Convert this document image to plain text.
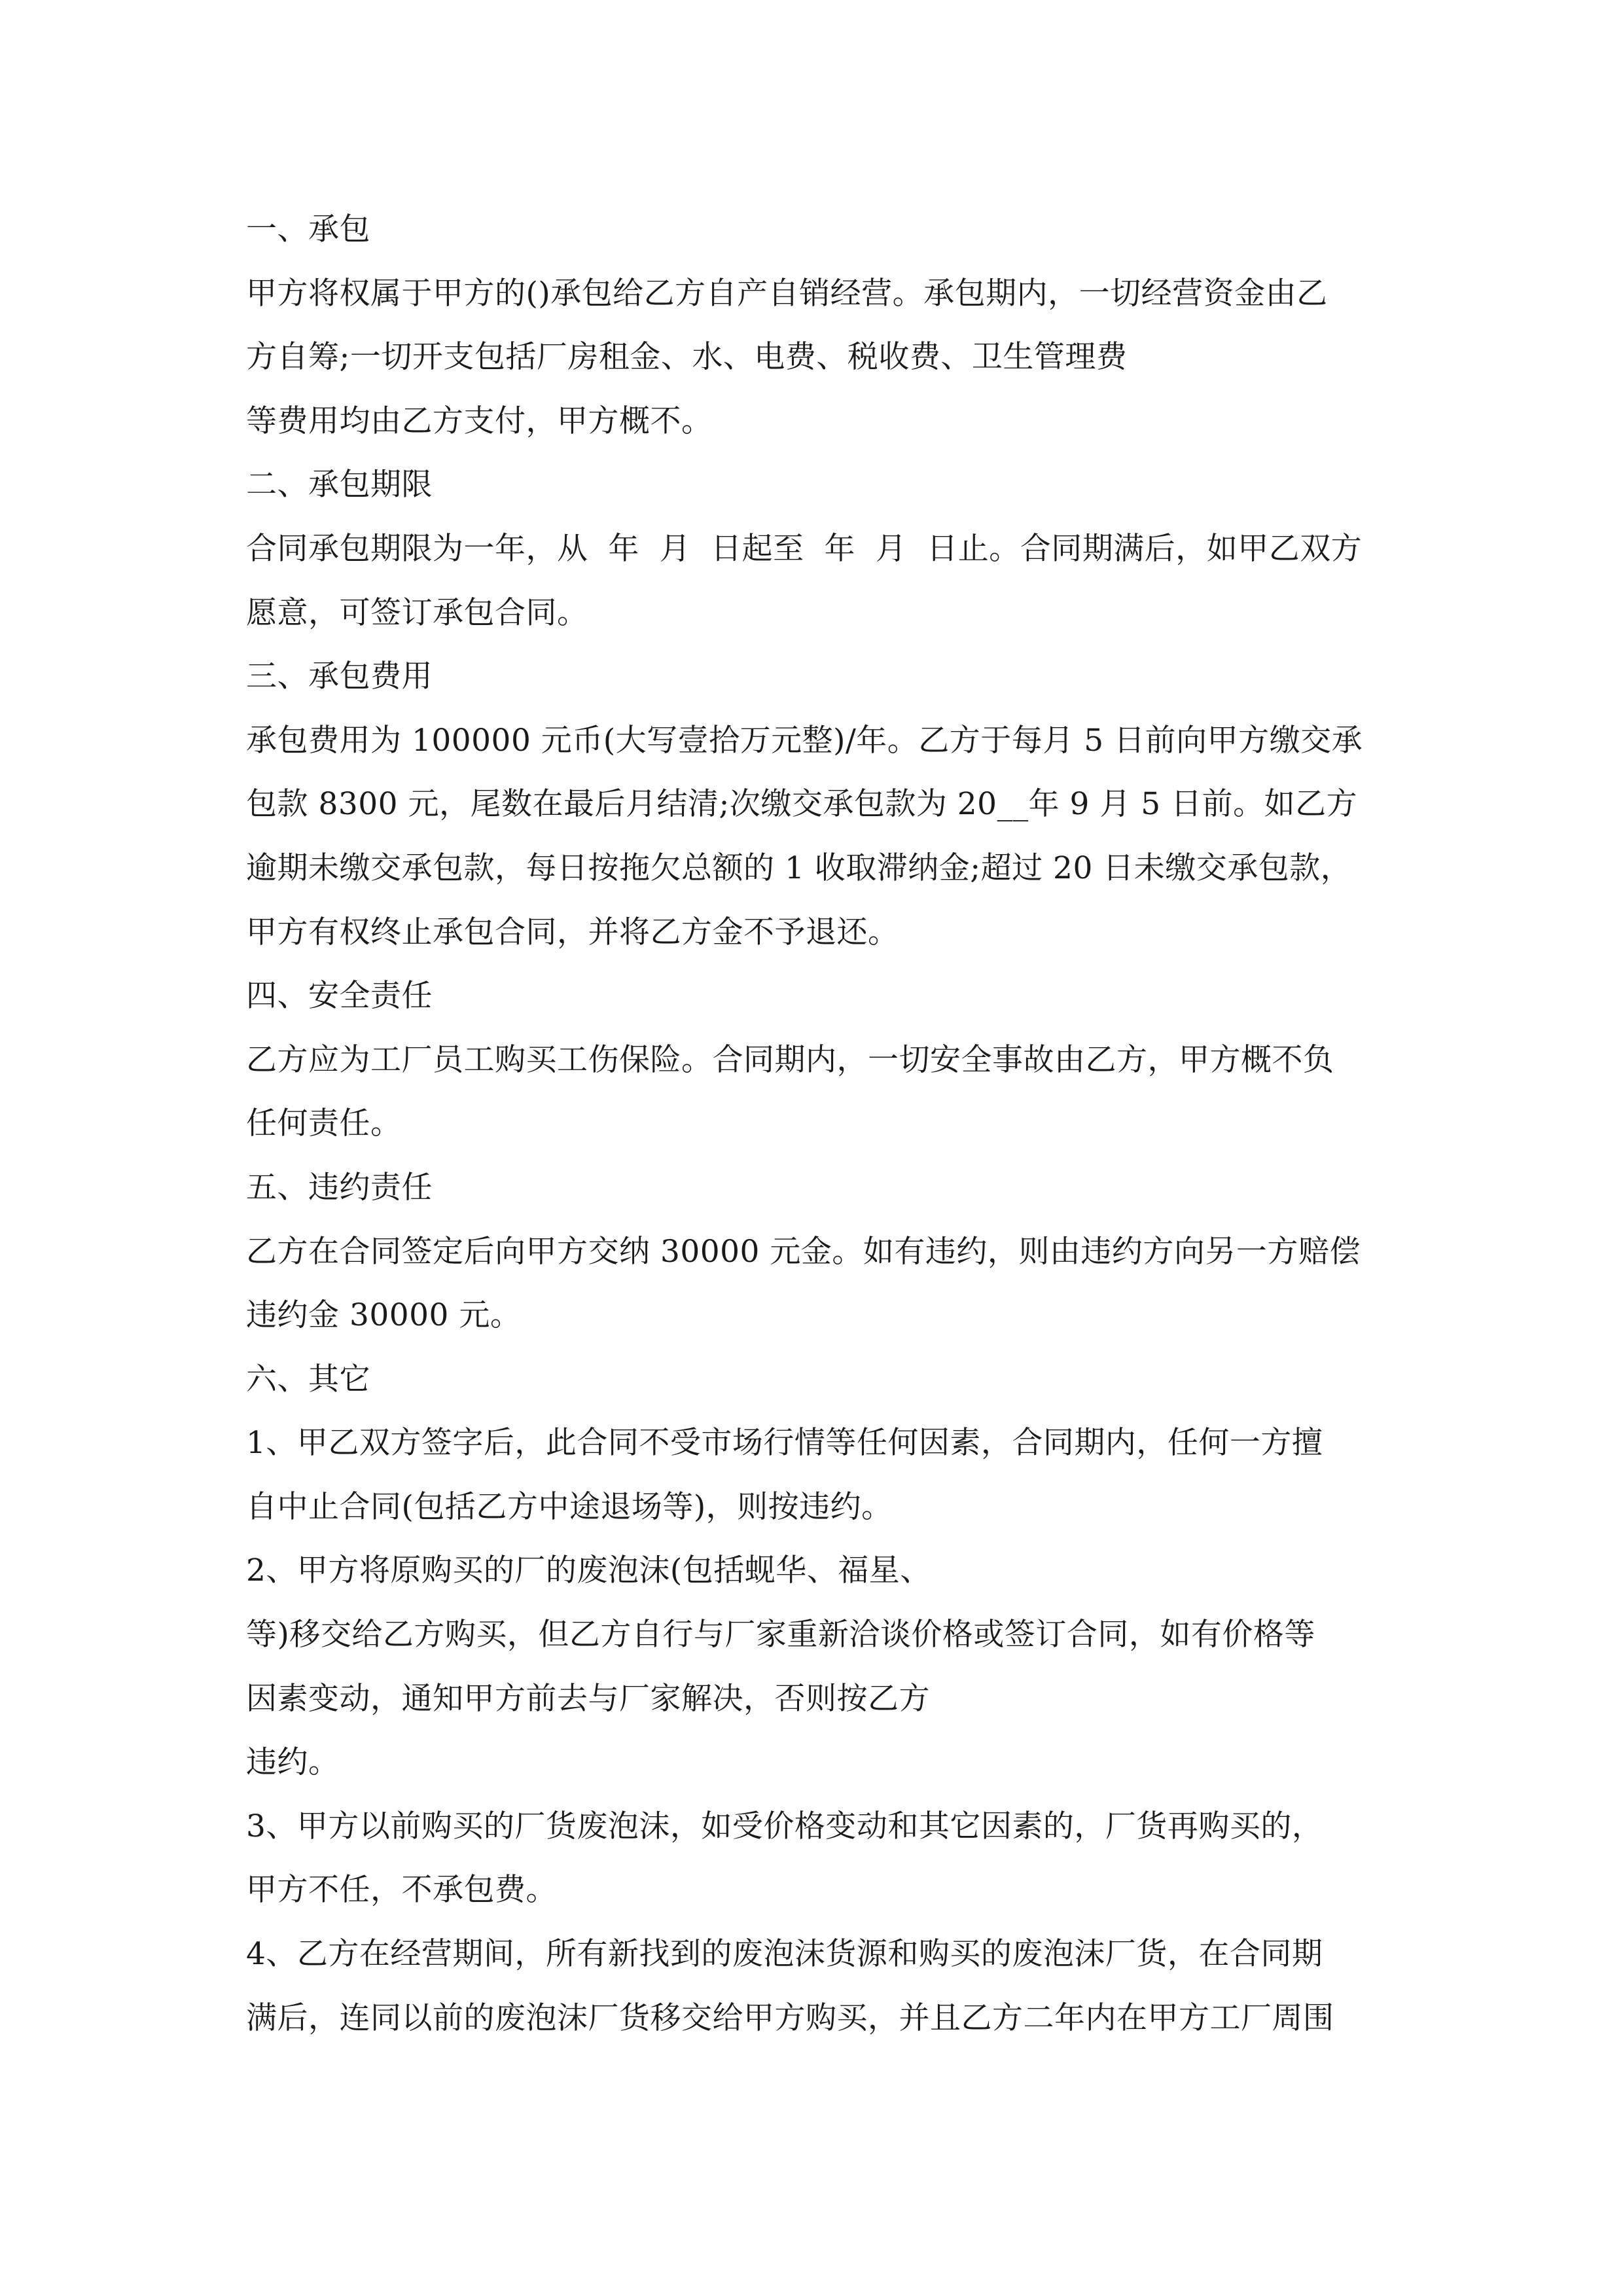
一、承包
甲方将权属于甲方的()承包给乙方自产自销经营。承包期内，一切经营资金由乙
方自筹;一切开支包括厂房租金、水、电费、税收费、卫生管理费
等费用均由乙方支付，甲方概不。
二、承包期限
合同承包期限为一年，从  年  月  日起至  年  月  日止。合同期满后，如甲乙双方
愿意，可签订承包合同。
三、承包费用
承包费用为 100000 元币(大写壹拾万元整)/年。乙方于每月 5 日前向甲方缴交承
包款 8300 元，尾数在最后月结清;次缴交承包款为 20__年 9 月 5 日前。如乙方
逾期未缴交承包款，每日按拖欠总额的 1 收取滞纳金;超过 20 日未缴交承包款，
甲方有权终止承包合同，并将乙方金不予退还。
四、安全责任
乙方应为工厂员工购买工伤保险。合同期内，一切安全事故由乙方，甲方概不负
任何责任。
五、违约责任
乙方在合同签定后向甲方交纳 30000 元金。如有违约，则由违约方向另一方赔偿
违约金 30000 元。
六、其它
1、甲乙双方签字后，此合同不受市场行情等任何因素，合同期内，任何一方擅
自中止合同(包括乙方中途退场等)，则按违约。
2、甲方将原购买的厂的废泡沫(包括蚬华、福星、
等)移交给乙方购买，但乙方自行与厂家重新洽谈价格或签订合同，如有价格等
因素变动，通知甲方前去与厂家解决，否则按乙方
违约。
3、甲方以前购买的厂货废泡沫，如受价格变动和其它因素的，厂货再购买的，
甲方不任，不承包费。
4、乙方在经营期间，所有新找到的废泡沫货源和购买的废泡沫厂货，在合同期
满后，连同以前的废泡沫厂货移交给甲方购买，并且乙方二年内在甲方工厂周围
